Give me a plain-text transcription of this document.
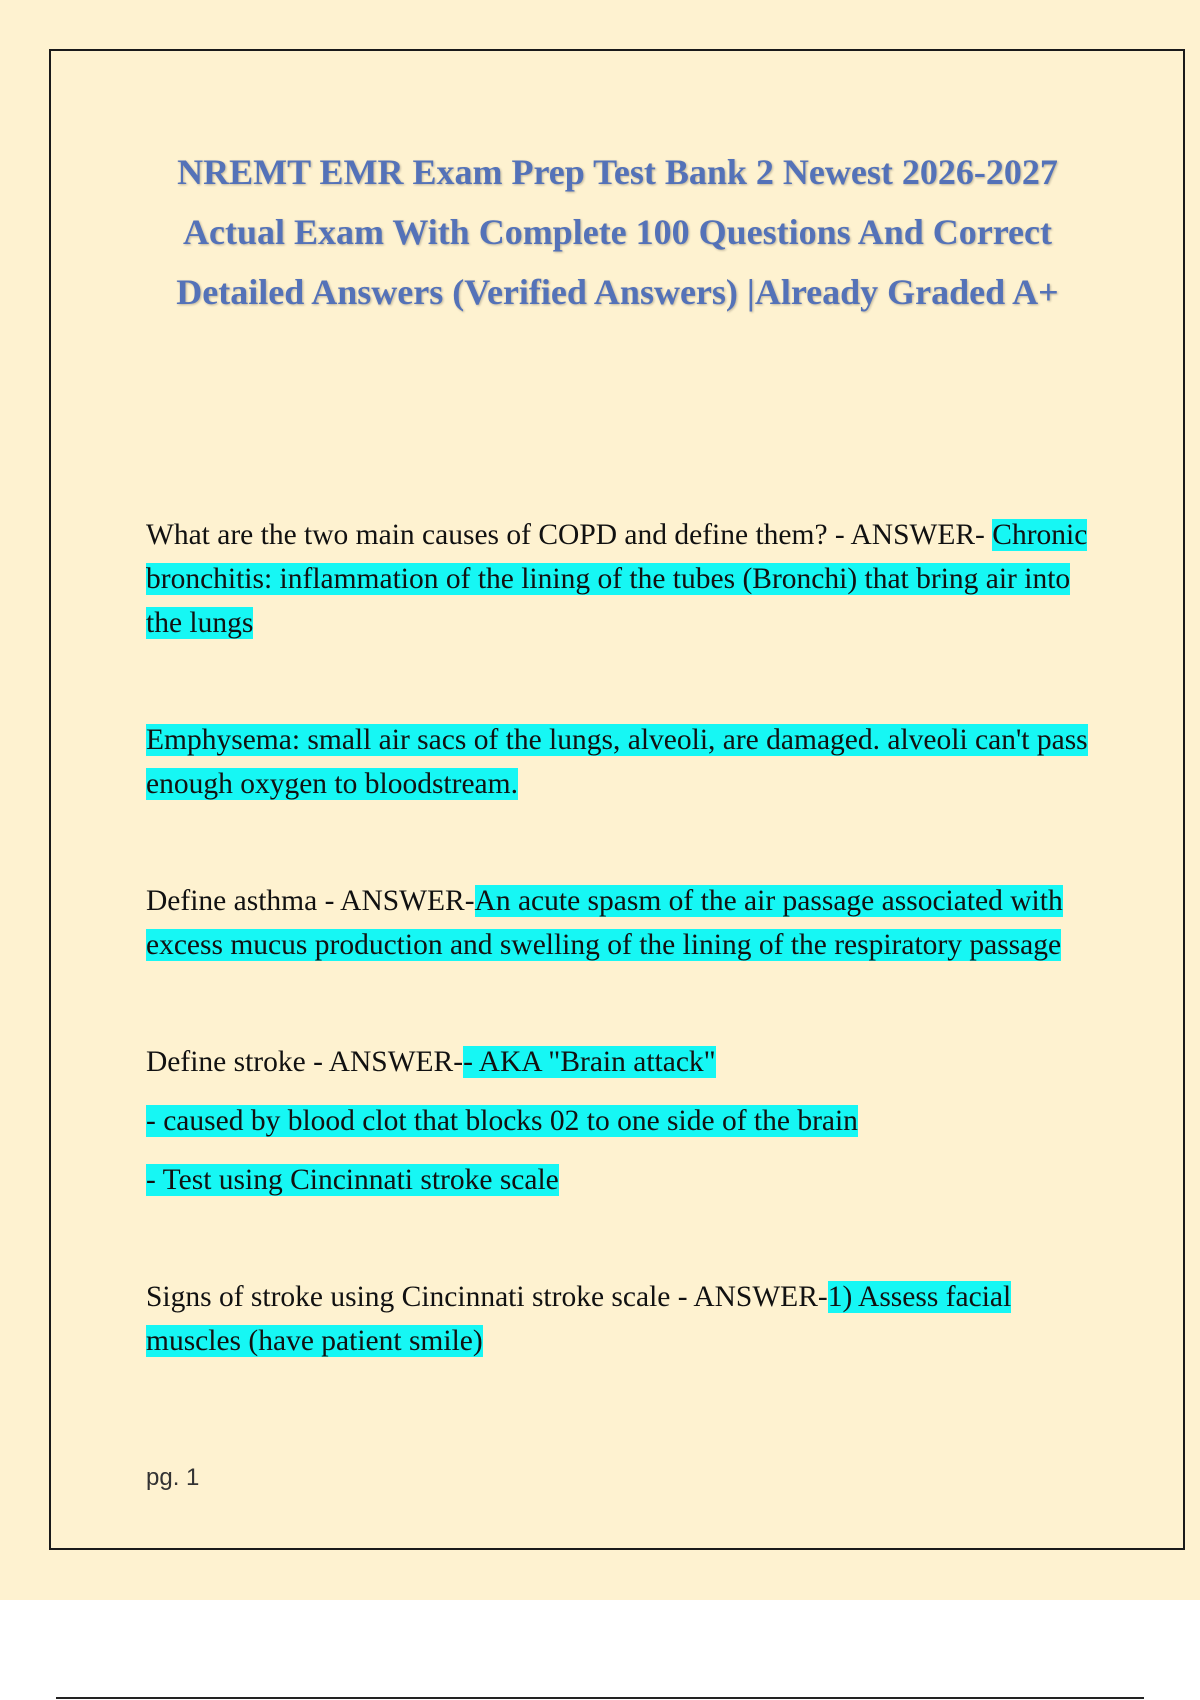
NREMT EMR Exam Prep Test Bank 2 Newest 2026-2027 Actual Exam With Complete 100 Questions And Correct Detailed Answers (Verified Answers) |Already Graded A+

What are the two main causes of COPD and define them? - ANSWER- Chronic bronchitis: inflammation of the lining of the tubes (Bronchi) that bring air into the lungs

Emphysema: small air sacs of the lungs, alveoli, are damaged. alveoli can't pass enough oxygen to bloodstream.

Define asthma - ANSWER-An acute spasm of the air passage associated with excess mucus production and swelling of the lining of the respiratory passage

Define stroke - ANSWER-- AKA "Brain attack"

- caused by blood clot that blocks 02 to one side of the brain

- Test using Cincinnati stroke scale

Signs of stroke using Cincinnati stroke scale - ANSWER-1) Assess facial muscles (have patient smile)

pg. 1
